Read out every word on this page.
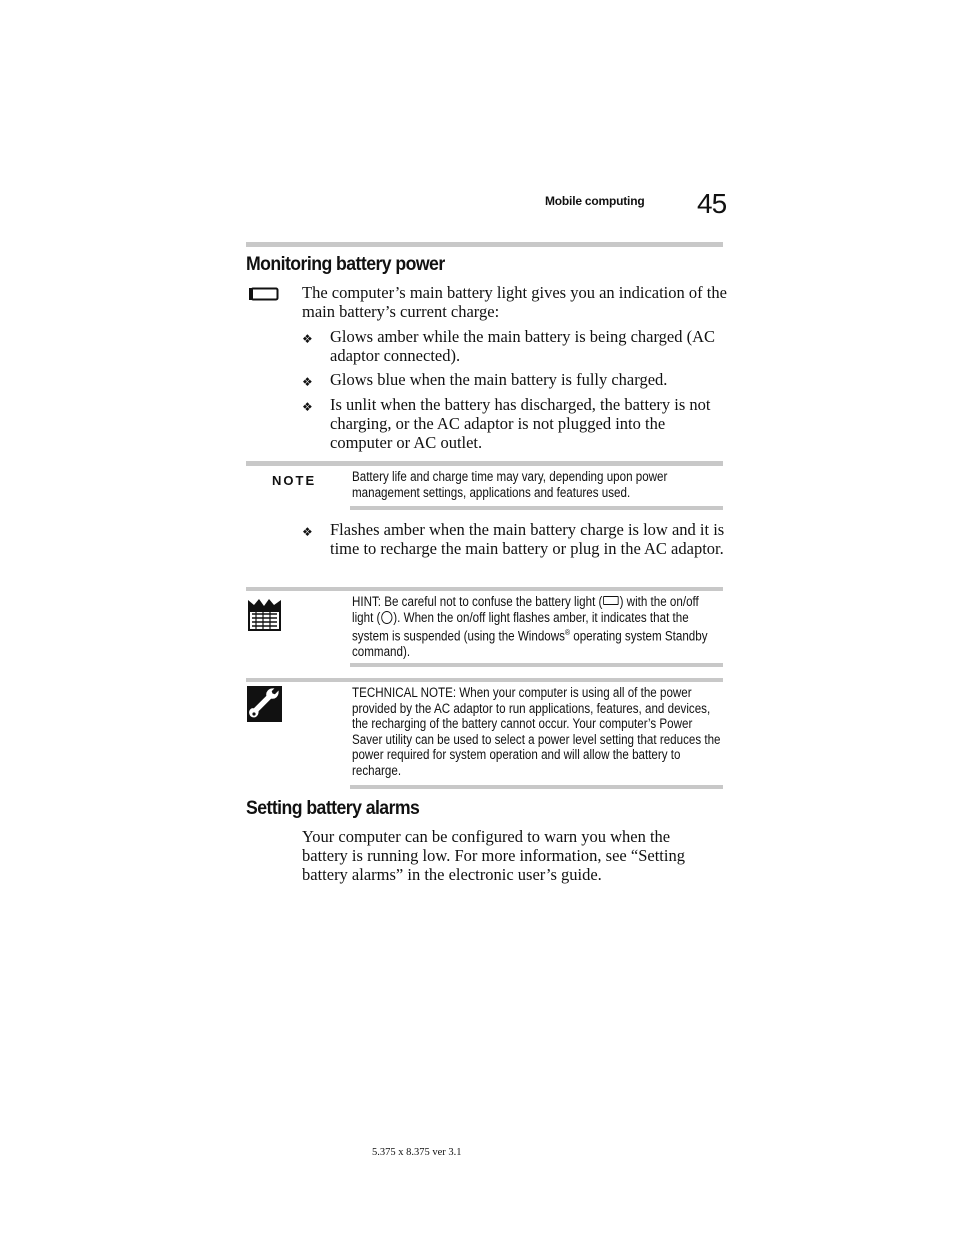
Mobile computing 45
Monitoring battery power
The computer’s main battery light gives you an indication of the main battery’s current charge:
❖ Glows amber while the main battery is being charged (AC adaptor connected).
❖ Glows blue when the main battery is fully charged.
❖ Is unlit when the battery has discharged, the battery is not charging, or the AC adaptor is not plugged into the computer or AC outlet.
NOTE	Battery life and charge time may vary, depending upon power management settings, applications and features used.
❖ Flashes amber when the main battery charge is low and it is time to recharge the main battery or plug in the AC adaptor.
HINT: Be careful not to confuse the battery light ( ) with the on/off light ( ). When the on/off light flashes amber, it indicates that the system is suspended (using the Windows® operating system Standby command).
TECHNICAL NOTE: When your computer is using all of the power provided by the AC adaptor to run applications, features, and devices, the recharging of the battery cannot occur. Your computer’s Power Saver utility can be used to select a power level setting that reduces the power required for system operation and will allow the battery to recharge.
Setting battery alarms
Your computer can be configured to warn you when the battery is running low. For more information, see “Setting battery alarms” in the electronic user’s guide.
5.375 x 8.375 ver 3.1
